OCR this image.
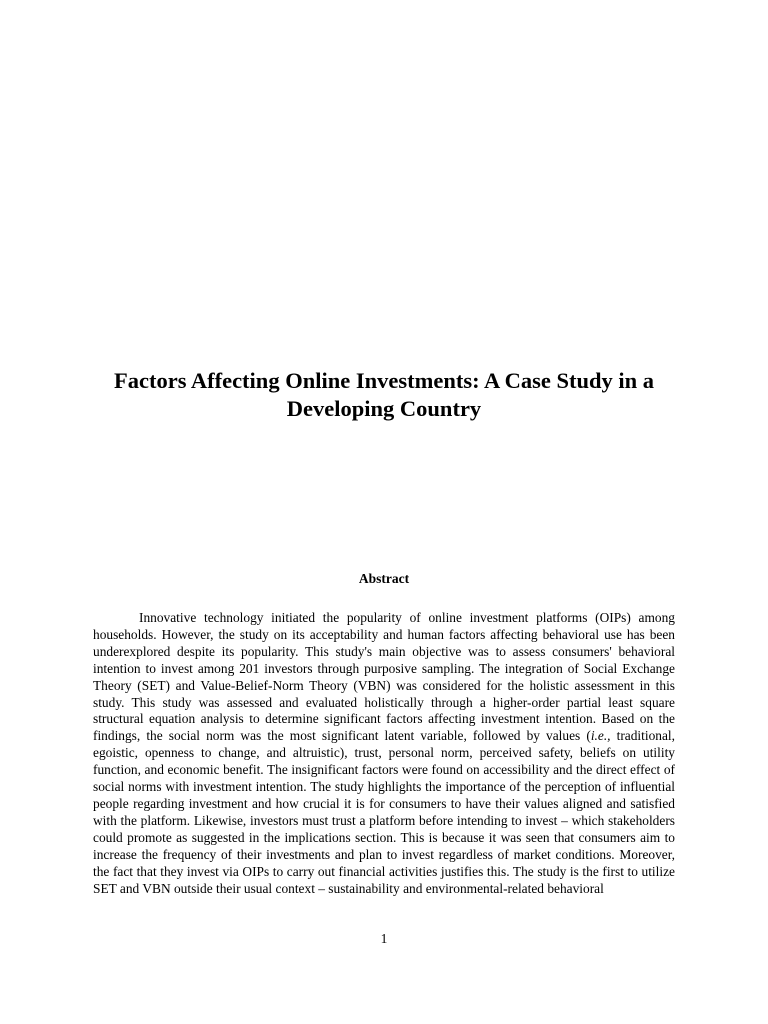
Factors Affecting Online Investments: A Case Study in a Developing Country
Abstract

Innovative technology initiated the popularity of online investment platforms (OIPs) among households. However, the study on its acceptability and human factors affecting behavioral use has been underexplored despite its popularity. This study's main objective was to assess consumers' behavioral intention to invest among 201 investors through purposive sampling. The integration of Social Exchange Theory (SET) and Value-Belief-Norm Theory (VBN) was considered for the holistic assessment in this study. This study was assessed and evaluated holistically through a higher-order partial least square structural equation analysis to determine significant factors affecting investment intention. Based on the findings, the social norm was the most significant latent variable, followed by values (i.e., traditional, egoistic, openness to change, and altruistic), trust, personal norm, perceived safety, beliefs on utility function, and economic benefit. The insignificant factors were found on accessibility and the direct effect of social norms with investment intention. The study highlights the importance of the perception of influential people regarding investment and how crucial it is for consumers to have their values aligned and satisfied with the platform. Likewise, investors must trust a platform before intending to invest – which stakeholders could promote as suggested in the implications section. This is because it was seen that consumers aim to increase the frequency of their investments and plan to invest regardless of market conditions. Moreover, the fact that they invest via OIPs to carry out financial activities justifies this. The study is the first to utilize SET and VBN outside their usual context – sustainability and environmental-related behavioral

1
